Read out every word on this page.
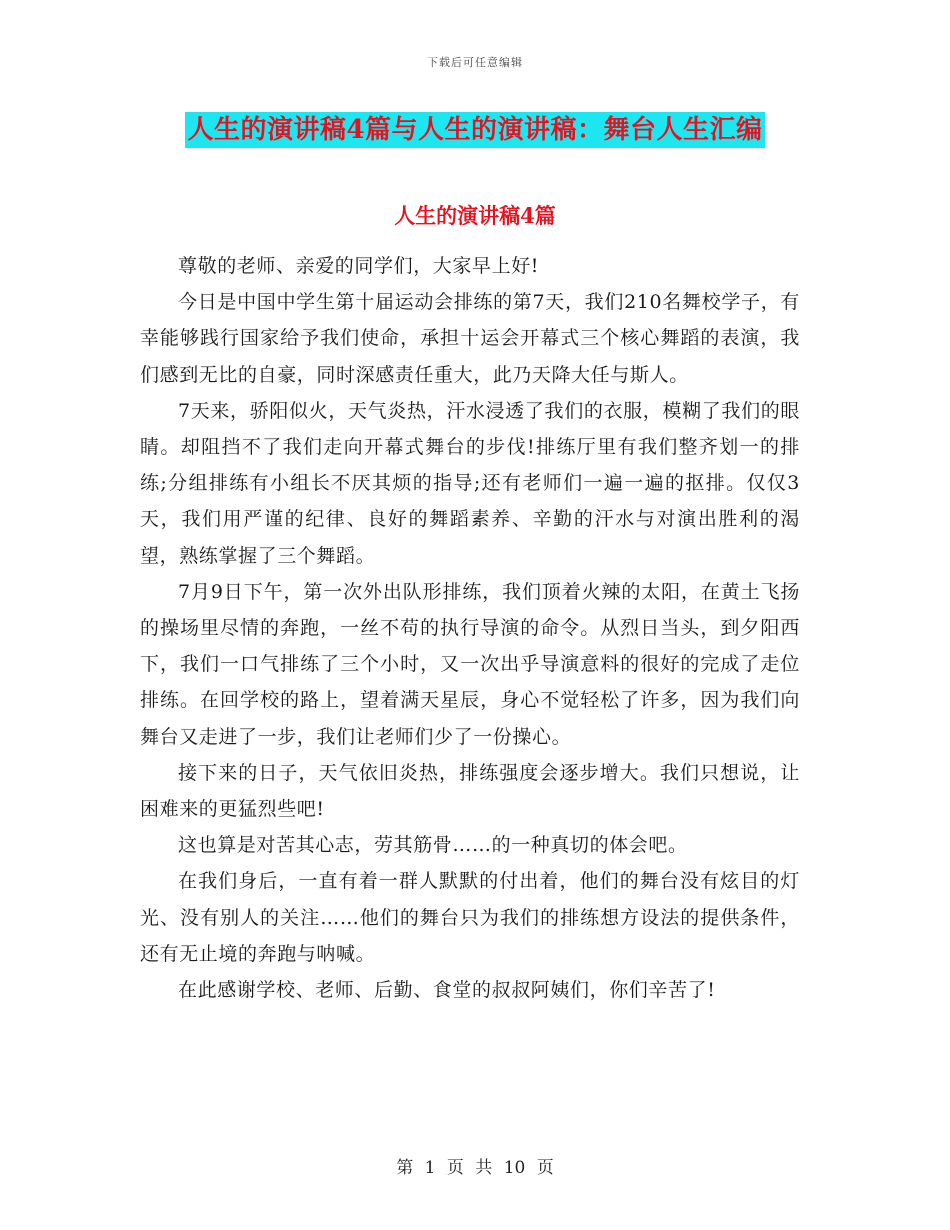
下载后可任意编辑
人生的演讲稿4篇与人生的演讲稿：舞台人生汇编
人生的演讲稿4篇

尊敬的老师、亲爱的同学们，大家早上好!

今日是中国中学生第十届运动会排练的第7天，我们210名舞校学子，有幸能够践行国家给予我们使命，承担十运会开幕式三个核心舞蹈的表演，我们感到无比的自豪，同时深感责任重大，此乃天降大任与斯人。

7天来，骄阳似火，天气炎热，汗水浸透了我们的衣服，模糊了我们的眼睛。却阻挡不了我们走向开幕式舞台的步伐!排练厅里有我们整齐划一的排练;分组排练有小组长不厌其烦的指导;还有老师们一遍一遍的抠排。仅仅3天，我们用严谨的纪律、良好的舞蹈素养、辛勤的汗水与对演出胜利的渴望，熟练掌握了三个舞蹈。

7月9日下午，第一次外出队形排练，我们顶着火辣的太阳，在黄土飞扬的操场里尽情的奔跑，一丝不苟的执行导演的命令。从烈日当头，到夕阳西下，我们一口气排练了三个小时，又一次出乎导演意料的很好的完成了走位排练。在回学校的路上，望着满天星辰，身心不觉轻松了许多，因为我们向舞台又走进了一步，我们让老师们少了一份操心。

接下来的日子，天气依旧炎热，排练强度会逐步增大。我们只想说，让困难来的更猛烈些吧!

这也算是对苦其心志，劳其筋骨……的一种真切的体会吧。

在我们身后，一直有着一群人默默的付出着，他们的舞台没有炫目的灯光、没有别人的关注……他们的舞台只为我们的排练想方设法的提供条件，还有无止境的奔跑与呐喊。

在此感谢学校、老师、后勤、食堂的叔叔阿姨们，你们辛苦了!

第 1 页 共 10 页
